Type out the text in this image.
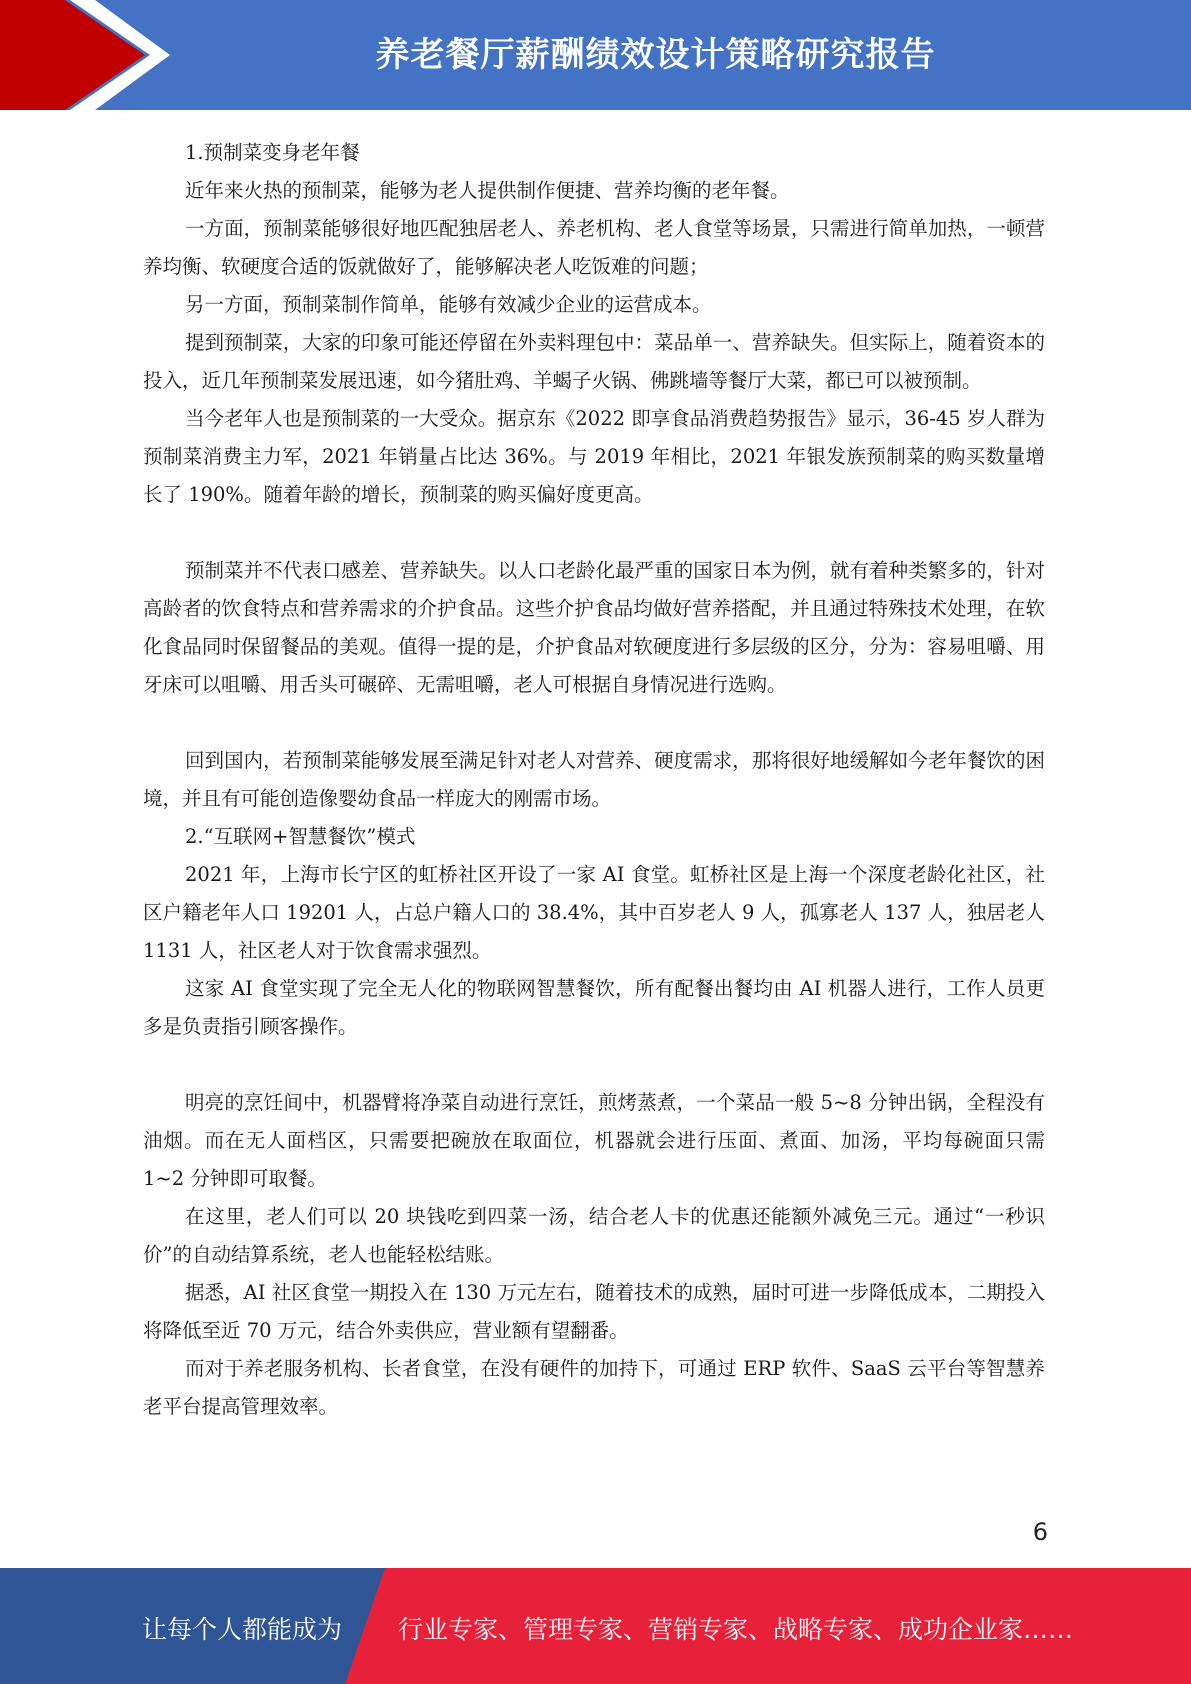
养老餐厅薪酬绩效设计策略研究报告

1.预制菜变身老年餐

近年来火热的预制菜，能够为老人提供制作便捷、营养均衡的老年餐。

一方面，预制菜能够很好地匹配独居老人、养老机构、老人食堂等场景，只需进行简单加热，一顿营养均衡、软硬度合适的饭就做好了，能够解决老人吃饭难的问题；

另一方面，预制菜制作简单，能够有效减少企业的运营成本。

提到预制菜，大家的印象可能还停留在外卖料理包中：菜品单一、营养缺失。但实际上，随着资本的投入，近几年预制菜发展迅速，如今猪肚鸡、羊蝎子火锅、佛跳墙等餐厅大菜，都已可以被预制。

当今老年人也是预制菜的一大受众。据京东《2022 即享食品消费趋势报告》显示，36-45 岁人群为预制菜消费主力军，2021 年销量占比达 36%。与 2019 年相比，2021 年银发族预制菜的购买数量增长了 190%。随着年龄的增长，预制菜的购买偏好度更高。

预制菜并不代表口感差、营养缺失。以人口老龄化最严重的国家日本为例，就有着种类繁多的，针对高龄者的饮食特点和营养需求的介护食品。这些介护食品均做好营养搭配，并且通过特殊技术处理，在软化食品同时保留餐品的美观。值得一提的是，介护食品对软硬度进行多层级的区分，分为：容易咀嚼、用牙床可以咀嚼、用舌头可碾碎、无需咀嚼，老人可根据自身情况进行选购。

回到国内，若预制菜能够发展至满足针对老人对营养、硬度需求，那将很好地缓解如今老年餐饮的困境，并且有可能创造像婴幼食品一样庞大的刚需市场。

2.“互联网+智慧餐饮”模式

2021 年，上海市长宁区的虹桥社区开设了一家 AI 食堂。虹桥社区是上海一个深度老龄化社区，社区户籍老年人口 19201 人，占总户籍人口的 38.4%，其中百岁老人 9 人，孤寡老人 137 人，独居老人 1131 人，社区老人对于饮食需求强烈。

这家 AI 食堂实现了完全无人化的物联网智慧餐饮，所有配餐出餐均由 AI 机器人进行，工作人员更多是负责指引顾客操作。

明亮的烹饪间中，机器臂将净菜自动进行烹饪，煎烤蒸煮，一个菜品一般 5~8 分钟出锅，全程没有油烟。而在无人面档区，只需要把碗放在取面位，机器就会进行压面、煮面、加汤，平均每碗面只需 1~2 分钟即可取餐。

在这里，老人们可以 20 块钱吃到四菜一汤，结合老人卡的优惠还能额外减免三元。通过“一秒识价”的自动结算系统，老人也能轻松结账。

据悉，AI 社区食堂一期投入在 130 万元左右，随着技术的成熟，届时可进一步降低成本，二期投入将降低至近 70 万元，结合外卖供应，营业额有望翻番。

而对于养老服务机构、长者食堂，在没有硬件的加持下，可通过 ERP 软件、SaaS 云平台等智慧养老平台提高管理效率。

6
让每个人都能成为 行业专家、管理专家、营销专家、战略专家、成功企业家……
